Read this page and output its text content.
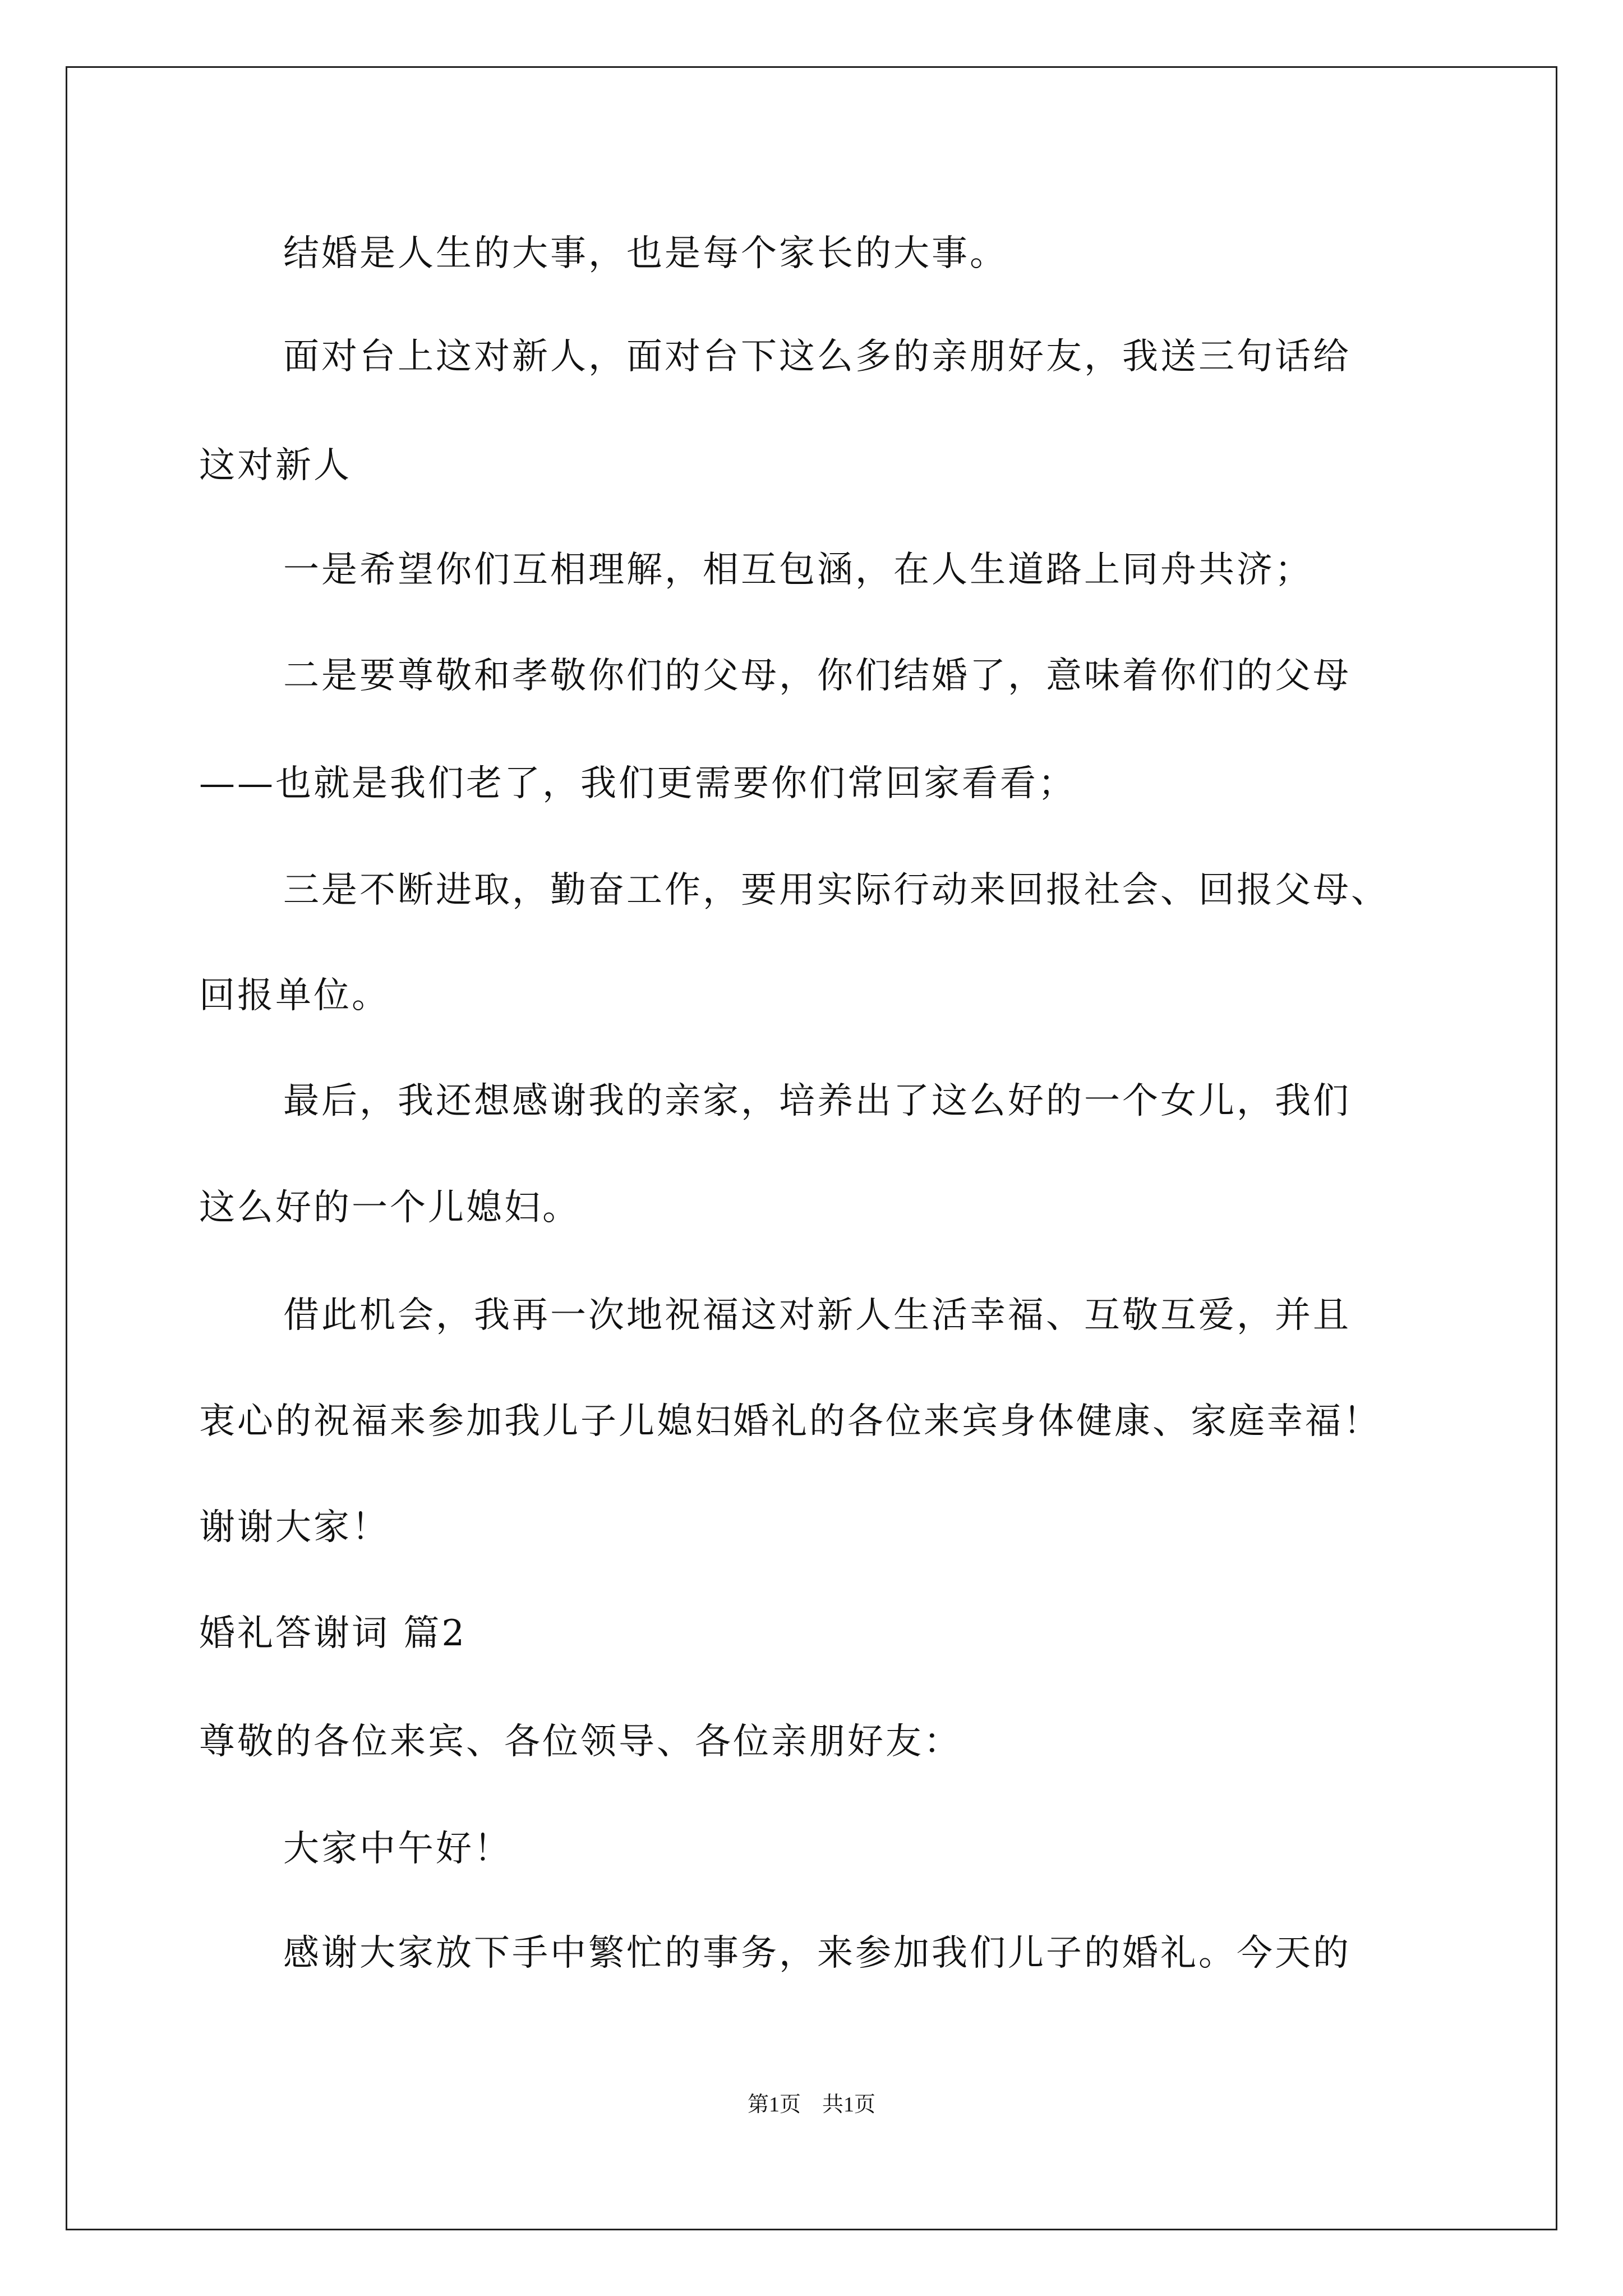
结婚是人生的大事，也是每个家长的大事。
面对台上这对新人，面对台下这么多的亲朋好友，我送三句话给
这对新人
一是希望你们互相理解，相互包涵，在人生道路上同舟共济；
二是要尊敬和孝敬你们的父母，你们结婚了，意味着你们的父母
——也就是我们老了，我们更需要你们常回家看看；
三是不断进取，勤奋工作，要用实际行动来回报社会、回报父母、
回报单位。
最后，我还想感谢我的亲家，培养出了这么好的一个女儿，我们
这么好的一个儿媳妇。
借此机会，我再一次地祝福这对新人生活幸福、互敬互爱，并且
衷心的祝福来参加我儿子儿媳妇婚礼的各位来宾身体健康、家庭幸福！
谢谢大家！
婚礼答谢词 篇2
尊敬的各位来宾、各位领导、各位亲朋好友：
大家中午好！
感谢大家放下手中繁忙的事务，来参加我们儿子的婚礼。今天的
第1页　共1页
